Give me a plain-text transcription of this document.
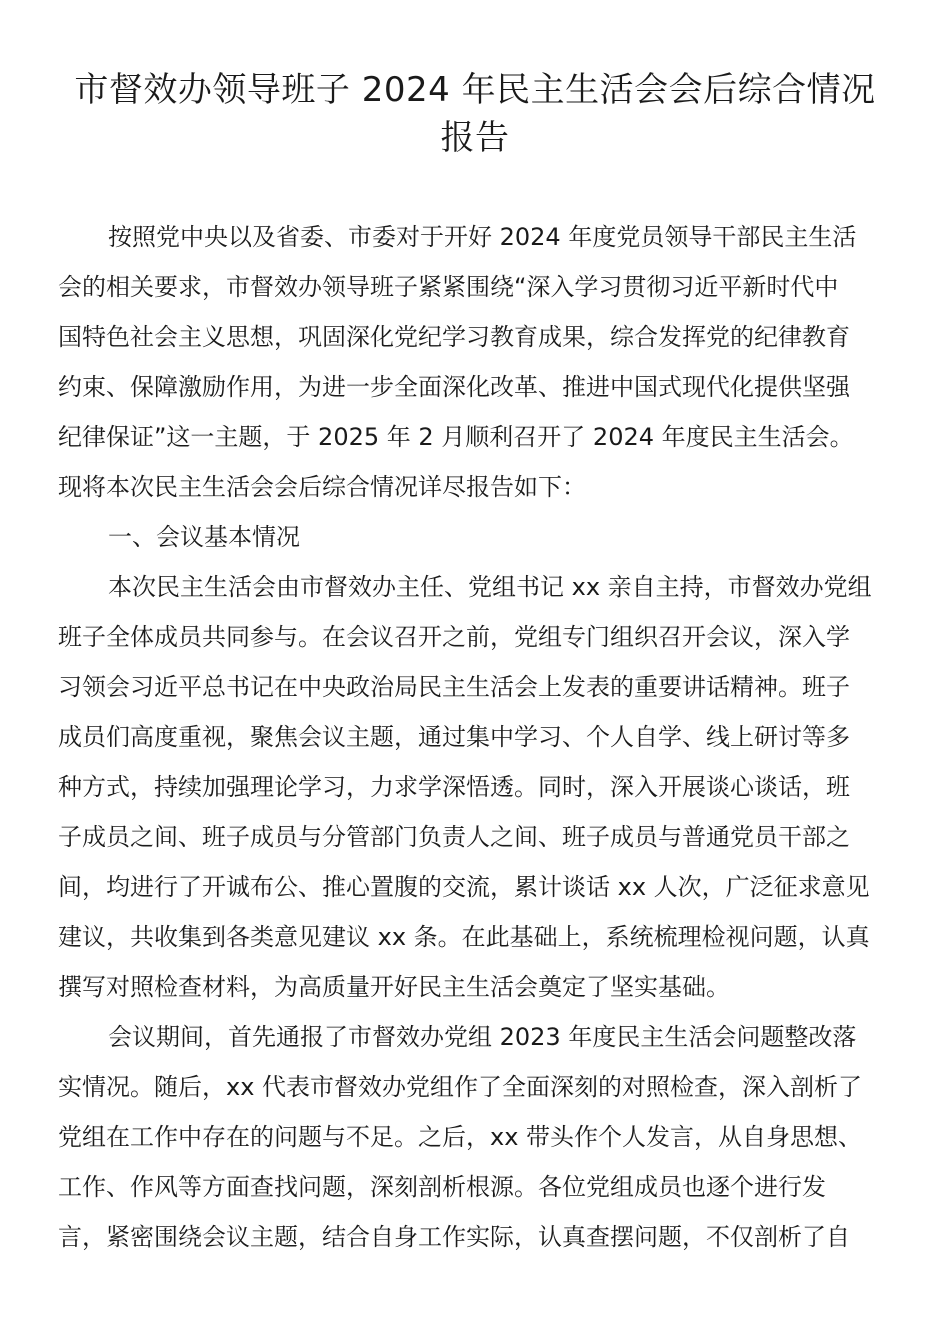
市督效办领导班子 2024 年民主生活会会后综合情况
报告

按照党中央以及省委、市委对于开好 2024 年度党员领导干部民主生活

会的相关要求，市督效办领导班子紧紧围绕“深入学习贯彻习近平新时代中

国特色社会主义思想，巩固深化党纪学习教育成果，综合发挥党的纪律教育

约束、保障激励作用，为进一步全面深化改革、推进中国式现代化提供坚强

纪律保证”这一主题，于 2025 年 2 月顺利召开了 2024 年度民主生活会。

现将本次民主生活会会后综合情况详尽报告如下：

一、会议基本情况

本次民主生活会由市督效办主任、党组书记 xx 亲自主持，市督效办党组

班子全体成员共同参与。在会议召开之前，党组专门组织召开会议，深入学

习领会习近平总书记在中央政治局民主生活会上发表的重要讲话精神。班子

成员们高度重视，聚焦会议主题，通过集中学习、个人自学、线上研讨等多

种方式，持续加强理论学习，力求学深悟透。同时，深入开展谈心谈话，班

子成员之间、班子成员与分管部门负责人之间、班子成员与普通党员干部之

间，均进行了开诚布公、推心置腹的交流，累计谈话 xx 人次，广泛征求意见

建议，共收集到各类意见建议 xx 条。在此基础上，系统梳理检视问题，认真

撰写对照检查材料，为高质量开好民主生活会奠定了坚实基础。

会议期间，首先通报了市督效办党组 2023 年度民主生活会问题整改落

实情况。随后，xx 代表市督效办党组作了全面深刻的对照检查，深入剖析了

党组在工作中存在的问题与不足。之后，xx 带头作个人发言，从自身思想、

工作、作风等方面查找问题，深刻剖析根源。各位党组成员也逐个进行发

言，紧密围绕会议主题，结合自身工作实际，认真查摆问题，不仅剖析了自
